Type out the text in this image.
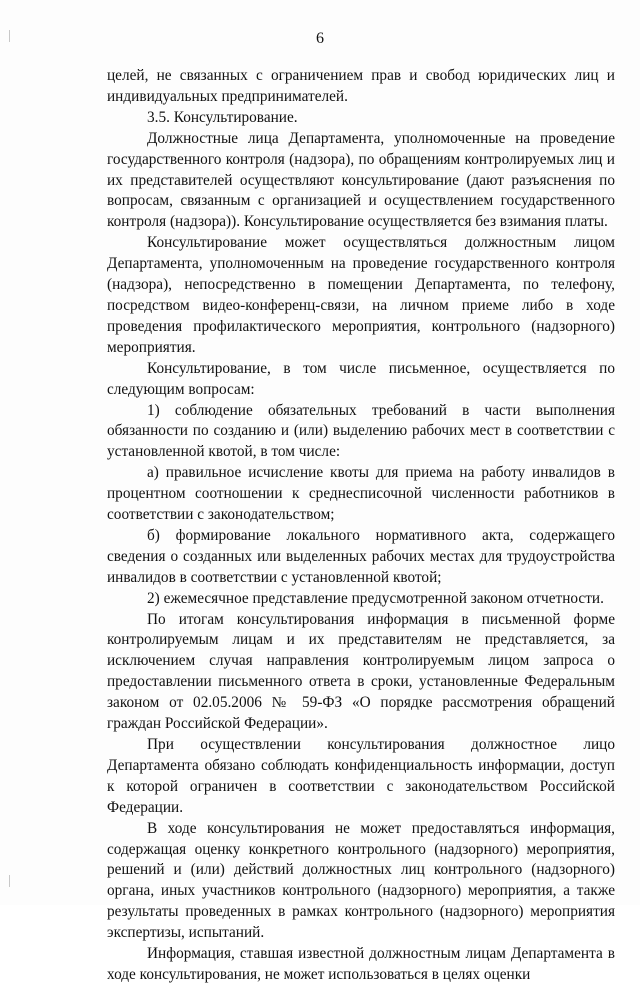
6

целей, не связанных с ограничением прав и свобод юридических лиц и индивидуальных предпринимателей.

3.5. Консультирование.

Должностные лица Департамента, уполномоченные на проведение государственного контроля (надзора), по обращениям контролируемых лиц и их представителей осуществляют консультирование (дают разъяснения по вопросам, связанным с организацией и осуществлением государственного контроля (надзора)). Консультирование осуществляется без взимания платы.

Консультирование может осуществляться должностным лицом Департамента, уполномоченным на проведение государственного контроля (надзора), непосредственно в помещении Департамента, по телефону, посредством видео-конференц-связи, на личном приеме либо в ходе проведения профилактического мероприятия, контрольного (надзорного) мероприятия.

Консультирование, в том числе письменное, осуществляется по следующим вопросам:

1) соблюдение обязательных требований в части выполнения обязанности по созданию и (или) выделению рабочих мест в соответствии с установленной квотой, в том числе:

а) правильное исчисление квоты для приема на работу инвалидов в процентном соотношении к среднесписочной численности работников в соответствии с законодательством;

б) формирование локального нормативного акта, содержащего сведения о созданных или выделенных рабочих местах для трудоустройства инвалидов в соответствии с установленной квотой;

2) ежемесячное представление предусмотренной законом отчетности.

По итогам консультирования информация в письменной форме контролируемым лицам и их представителям не представляется, за исключением случая направления контролируемым лицом запроса о предоставлении письменного ответа в сроки, установленные Федеральным законом от 02.05.2006 № 59-ФЗ «О порядке рассмотрения обращений граждан Российской Федерации».

При осуществлении консультирования должностное лицо Департамента обязано соблюдать конфиденциальность информации, доступ к которой ограничен в соответствии с законодательством Российской Федерации.

В ходе консультирования не может предоставляться информация, содержащая оценку конкретного контрольного (надзорного) мероприятия, решений и (или) действий должностных лиц контрольного (надзорного) органа, иных участников контрольного (надзорного) мероприятия, а также результаты проведенных в рамках контрольного (надзорного) мероприятия экспертизы, испытаний.

Информация, ставшая известной должностным лицам Департамента в ходе консультирования, не может использоваться в целях оценки
